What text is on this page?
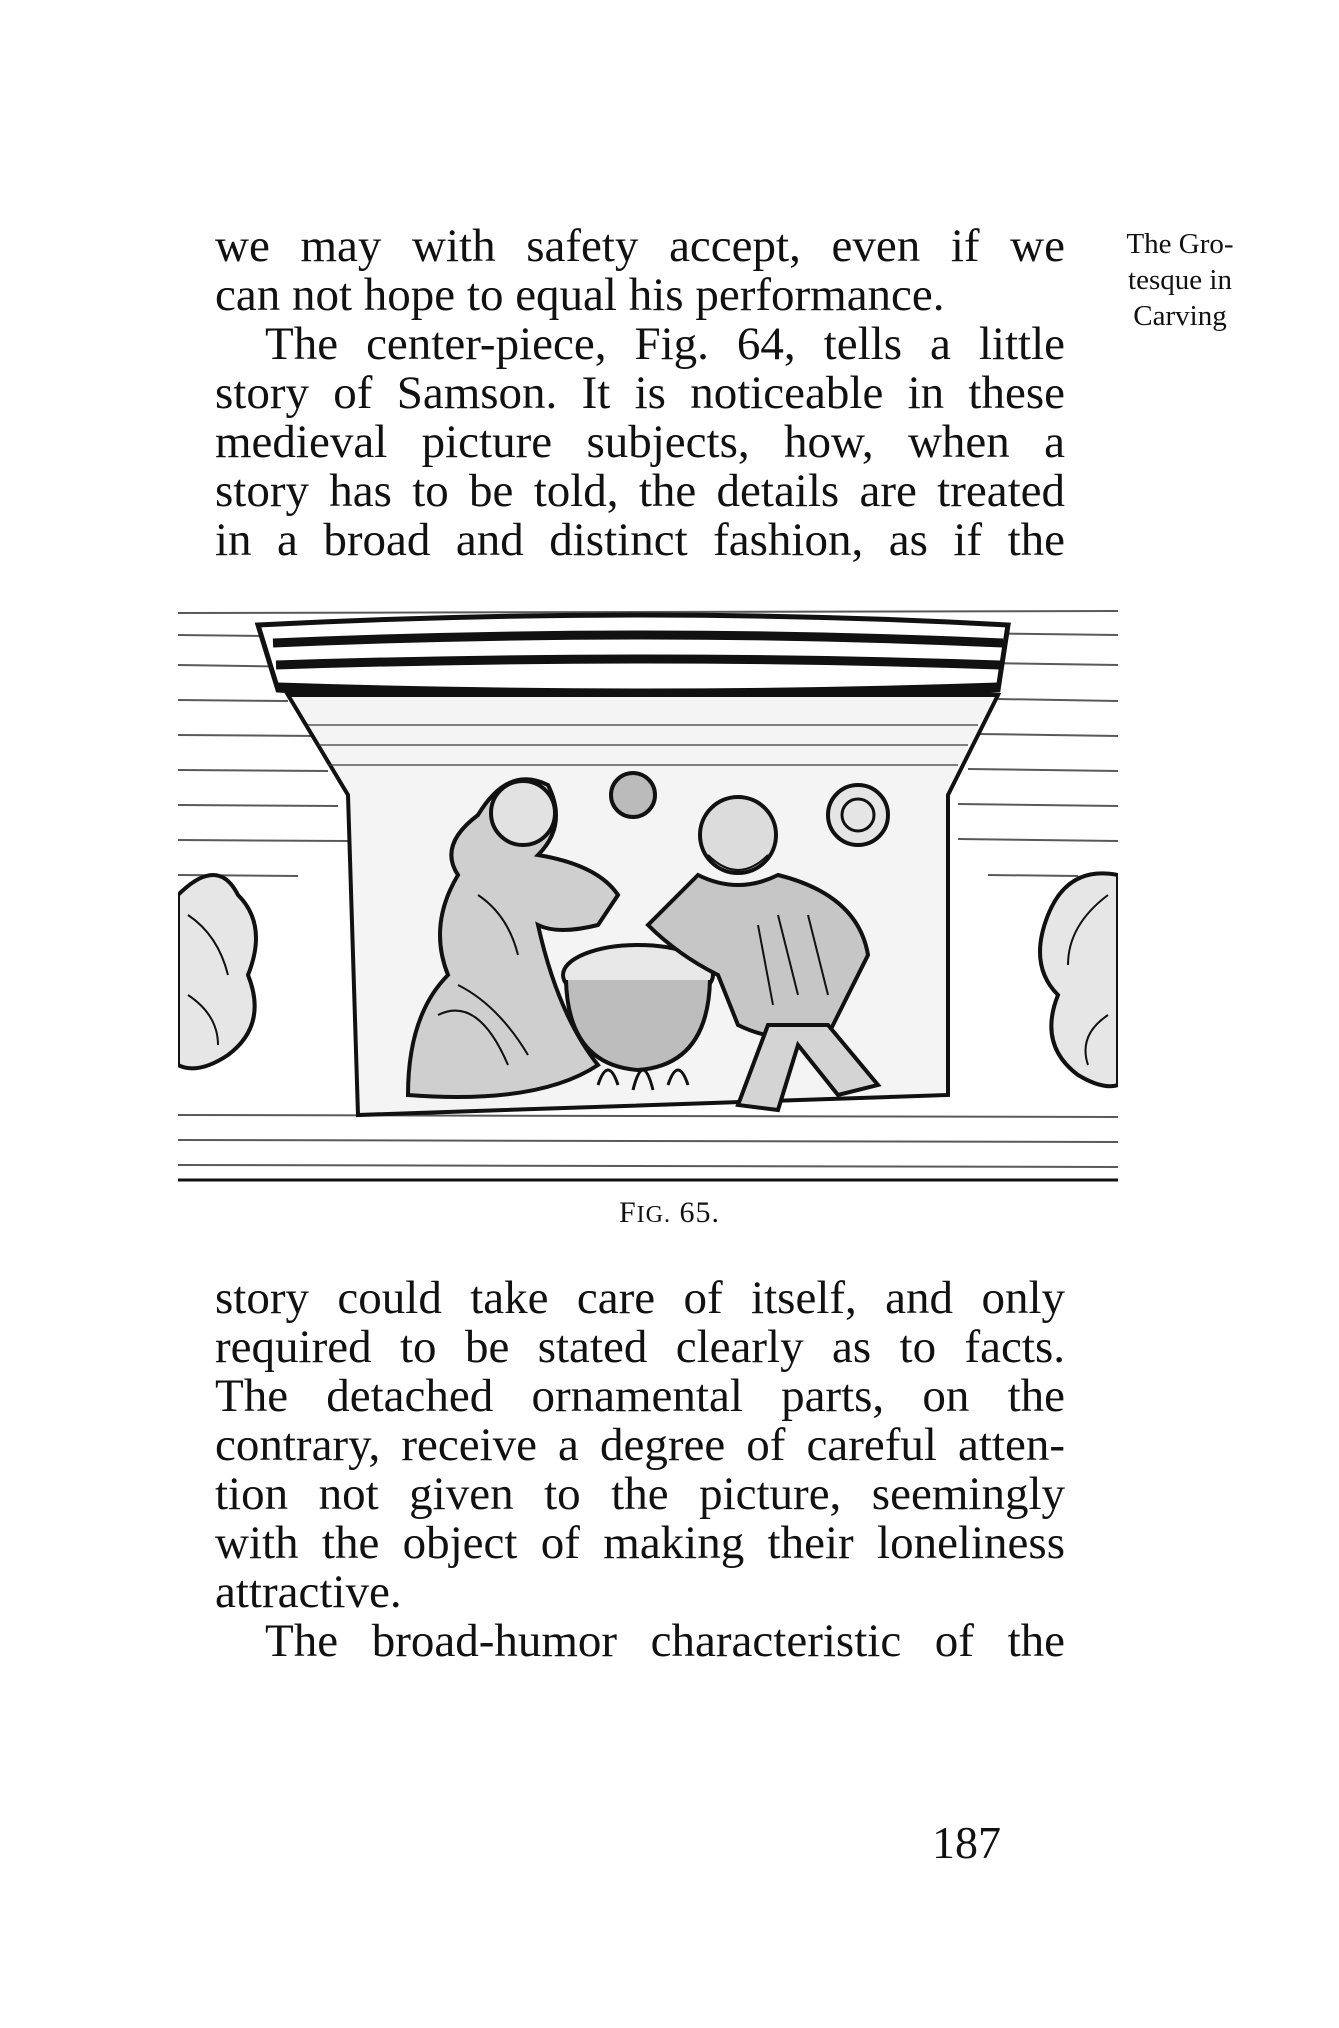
The Gro-
tesque in
Carving
we may with safety accept, even if we
can not hope to equal his performance.
The center-piece, Fig. 64, tells a little
story of Samson. It is noticeable in these
medieval picture subjects, how, when a
story has to be told, the details are treated
in a broad and distinct fashion, as if the
FIG. 65.
story could take care of itself, and only
required to be stated clearly as to facts.
The detached ornamental parts, on the
contrary, receive a degree of careful atten-
tion not given to the picture, seemingly
with the object of making their loneliness
attractive.
The broad-humor characteristic of the
187
